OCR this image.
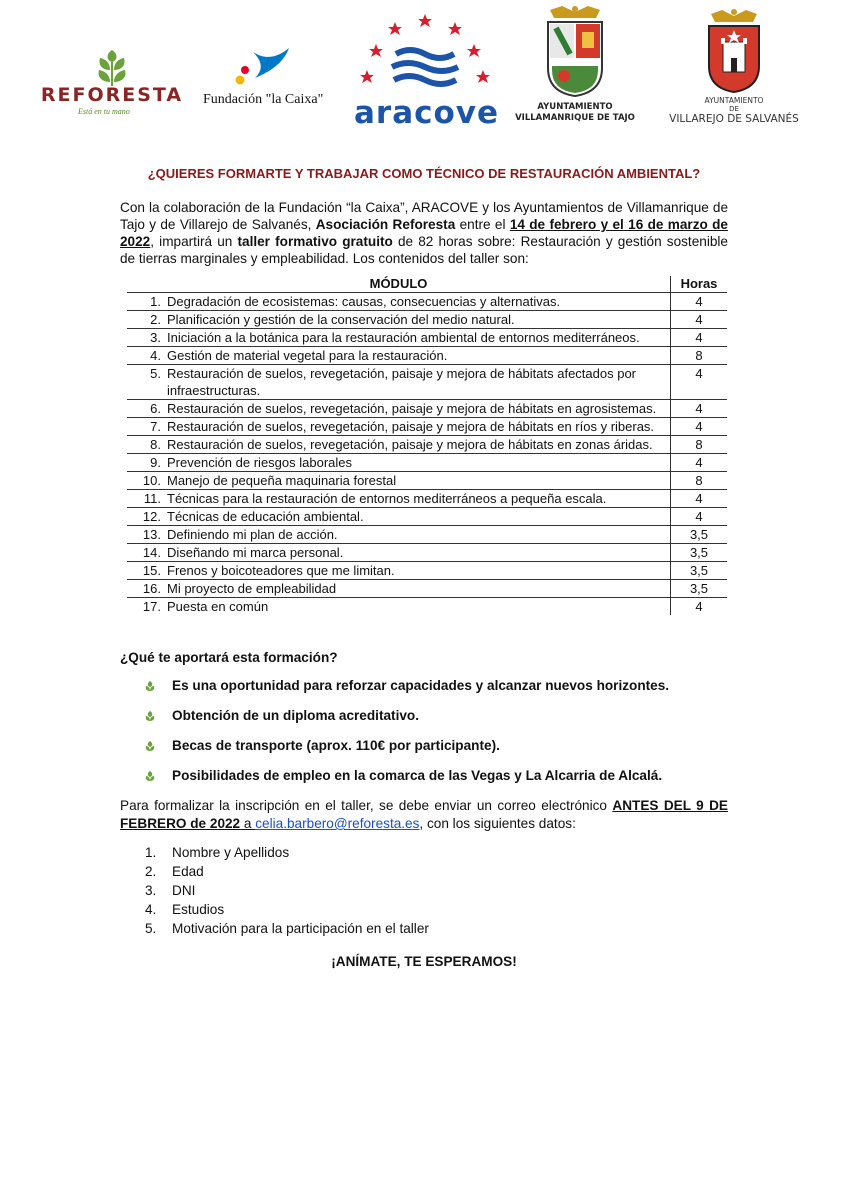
REFORESTA
Está en tu mano
Fundación "la Caixa" aracove	AYUNTAMIENTO
VILLAMANRIQUE DE TAJO
AYUNTAMIENTO
DE
VILLAREJO DE SALVANÉS
¿QUIERES FORMARTE Y TRABAJAR COMO TÉCNICO DE RESTAURACIÓN AMBIENTAL?

Con la colaboración de la Fundación “la Caixa”, ARACOVE y los Ayuntamientos de Villamanrique de Tajo y de Villarejo de Salvanés, Asociación Reforesta entre el 14 de febrero y el 16 de marzo de 2022, impartirá un taller formativo gratuito de 82 horas sobre: Restauración y gestión sostenible de tierras marginales y empleabilidad. Los contenidos del taller son:

MÓDULO	Horas

1. Degradación de ecosistemas: causas, consecuencias y alternativas.	4

2. Planificación y gestión de la conservación del medio natural.	4

3. Iniciación a la botánica para la restauración ambiental de entornos mediterráneos.	4

4. Gestión de material vegetal para la restauración.	8

5. Restauración de suelos, revegetación, paisaje y mejora de hábitats afectados por infraestructuras.	4

6. Restauración de suelos, revegetación, paisaje y mejora de hábitats en agrosistemas.	4

7. Restauración de suelos, revegetación, paisaje y mejora de hábitats en ríos y riberas.	4

8. Restauración de suelos, revegetación, paisaje y mejora de hábitats en zonas áridas.	8

9. Prevención de riesgos laborales	4

10. Manejo de pequeña maquinaria forestal	8

11. Técnicas para la restauración de entornos mediterráneos a pequeña escala.	4

12. Técnicas de educación ambiental.	4

13. Definiendo mi plan de acción.	3,5

14. Diseñando mi marca personal.	3,5

15. Frenos y boicoteadores que me limitan.	3,5

16. Mi proyecto de empleabilidad	3,5

17. Puesta en común	4
¿Qué te aportará esta formación?
Es una oportunidad para reforzar capacidades y alcanzar nuevos horizontes.
Obtención de un diploma acreditativo.
Becas de transporte (aprox. 110€ por participante).
Posibilidades de empleo en la comarca de las Vegas y La Alcarria de Alcalá.

Para formalizar la inscripción en el taller, se debe enviar un correo electrónico ANTES DEL 9 DE FEBRERO de 2022 a celia.barbero@reforesta.es, con los siguientes datos:

1.	Nombre y Apellidos
2.	Edad
3.	DNI
4.	Estudios
5.	Motivación para la participación en el taller
¡ANÍMATE, TE ESPERAMOS!
